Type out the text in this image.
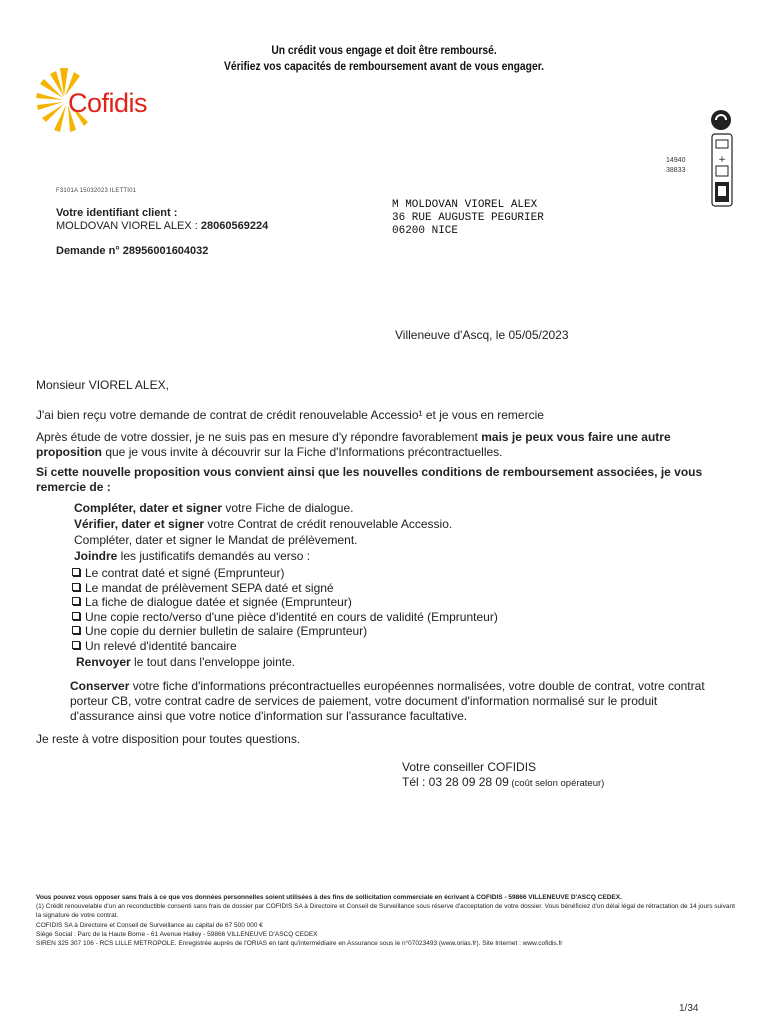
Un crédit vous engage et doit être remboursé.
Vérifiez vos capacités de remboursement avant de vous engager.
Cofidis
+
14940
38833
F3101A 15032023 ILETTI01
Votre identifiant client :
MOLDOVAN VIOREL ALEX : 28060569224
Demande n° 28956001604032
M MOLDOVAN VIOREL ALEX
36 RUE AUGUSTE PEGURIER
06200 NICE
Villeneuve d'Ascq, le 05/05/2023
Monsieur VIOREL ALEX,
J'ai bien reçu votre demande de contrat de crédit renouvelable Accessio¹ et je vous en remercie
Après étude de votre dossier, je ne suis pas en mesure d'y répondre favorablement mais je peux vous faire une autre proposition que je vous invite à découvrir sur la Fiche d'Informations précontractuelles.
Si cette nouvelle proposition vous convient ainsi que les nouvelles conditions de remboursement associées, je vous remercie de :
Compléter, dater et signer votre Fiche de dialogue.
Vérifier, dater et signer votre Contrat de crédit renouvelable Accessio.
Compléter, dater et signer le Mandat de prélèvement.
Joindre les justificatifs demandés au verso :
Le contrat daté et signé (Emprunteur)
Le mandat de prélèvement SEPA daté et signé
La fiche de dialogue datée et signée (Emprunteur)
Une copie recto/verso d'une pièce d'identité en cours de validité (Emprunteur)
Une copie du dernier bulletin de salaire (Emprunteur)
Un relevé d'identité bancaire
Renvoyer le tout dans l'enveloppe jointe.
Conserver votre fiche d'informations précontractuelles européennes normalisées, votre double de contrat, votre contrat porteur CB, votre contrat cadre de services de paiement, votre document d'information normalisé sur le produit d'assurance ainsi que votre notice d'information sur l'assurance facultative.
Je reste à votre disposition pour toutes questions.
Votre conseiller COFIDIS
Tél : 03 28 09 28 09 (coût selon opérateur)
Vous pouvez vous opposer sans frais à ce que vos données personnelles soient utilisées à des fins de sollicitation commerciale en écrivant à COFIDIS - 59866 VILLENEUVE D'ASCQ CEDEX.
(1) Crédit renouvelable d'un an reconductible consenti sans frais de dossier par COFIDIS SA à Directoire et Conseil de Surveillance sous réserve d'acceptation de votre dossier. Vous bénéficiez d'un délai légal de rétractation de 14 jours suivant la signature de votre contrat.
COFIDIS SA à Directoire et Conseil de Surveillance au capital de 67 500 000 €
Siège Social : Parc de la Haute Borne - 61 Avenue Halley - 59866 VILLENEUVE D'ASCQ CEDEX
SIREN 325 307 106 - RCS LILLE METROPOLE. Enregistrée auprès de l'ORIAS en tant qu'intermédiaire en Assurance sous le n°07023493 (www.orias.fr). Site Internet : www.cofidis.fr
1/34
